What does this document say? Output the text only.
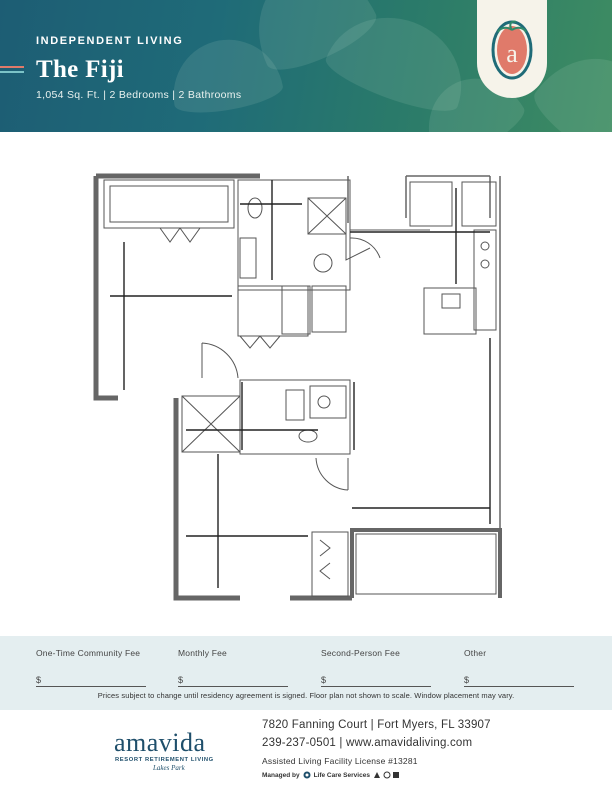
INDEPENDENT LIVING
The Fiji
1,054 Sq. Ft. | 2 Bedrooms | 2 Bathrooms
a
One-Time Community Fee
$
Monthly Fee
$
Second-Person Fee
$
Other
$
Prices subject to change until residency agreement is signed. Floor plan not shown to scale. Window placement may vary.
amavida
RESORT RETIREMENT LIVING
Lakes Park
7820 Fanning Court | Fort Myers, FL 33907
239-237-0501 | www.amavidaliving.com
Assisted Living Facility License #13281
Managed by Life Care Services
